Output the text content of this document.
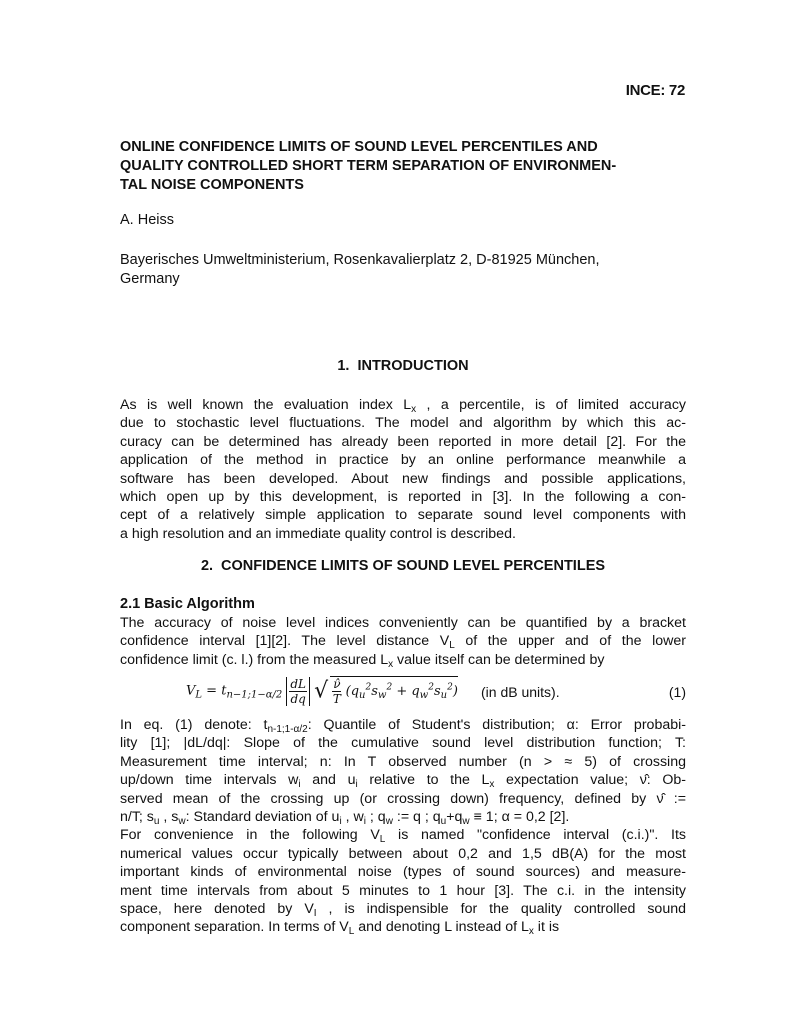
INCE: 72
ONLINE CONFIDENCE LIMITS OF SOUND LEVEL PERCENTILES AND
QUALITY CONTROLLED SHORT TERM SEPARATION OF ENVIRONMEN-
TAL NOISE COMPONENTS
A. Heiss
Bayerisches Umweltministerium, Rosenkavalierplatz 2, D-81925 München,
Germany
1. INTRODUCTION
As is well known the evaluation index $L_x$ , a percentile, is of limited accuracy
due to stochastic level fluctuations. The model and algorithm by which this ac-
curacy can be determined has already been reported in more detail [2]. For the
application of the method in practice by an online performance meanwhile a
software has been developed. About new findings and possible applications,
which open up by this development, is reported in [3]. In the following a con-
cept of a relatively simple application to separate sound level components with
a high resolution and an immediate quality control is described.
2. CONFIDENCE LIMITS OF SOUND LEVEL PERCENTILES
2.1 Basic Algorithm
The accuracy of noise level indices conveniently can be quantified by a bracket
confidence interval [1][2]. The level distance $V_L$ of the upper and of the lower
confidence limit (c. l.) from the measured $L_x$ value itself can be determined by
$V_L = t_{n-1;1-\alpha/2} \frac{dL}{dq}$ √ $\frac{\nû}{T} (q_u^2s_w^2 + q_w^2s_u^2)$ (in dB units).	(1)
In eq. (1) denote: $t_{n-1;1-\alpha/2}$: Quantile of Student's distribution; α: Error probabi-
lity [1]; |dL/dq|: Slope of the cumulative sound level distribution function; T:
Measurement time interval; n: In T observed number (n > ≈ 5) of crossing
up/down time intervals $w_i$ and $u_i$ relative to the $L_x$ expectation value; ν̂: Ob-
served mean of the crossing up (or crossing down) frequency, defined by ν̂ :=
n/T; $s_u$ , $s_w$: Standard deviation of $u_i$ , $w_i$ ; $q_w$ := q ; $q_u+q_w \equiv 1$; α = 0,2 [2].
For convenience in the following $V_L$ is named "confidence interval (c.i.)". Its
numerical values occur typically between about 0,2 and 1,5 dB(A) for the most
important kinds of environmental noise (types of sound sources) and measure-
ment time intervals from about 5 minutes to 1 hour [3]. The c.i. in the intensity
space, here denoted by $V_I$ , is indispensible for the quality controlled sound
component separation. In terms of $V_L$ and denoting L instead of $L_x$ it is
